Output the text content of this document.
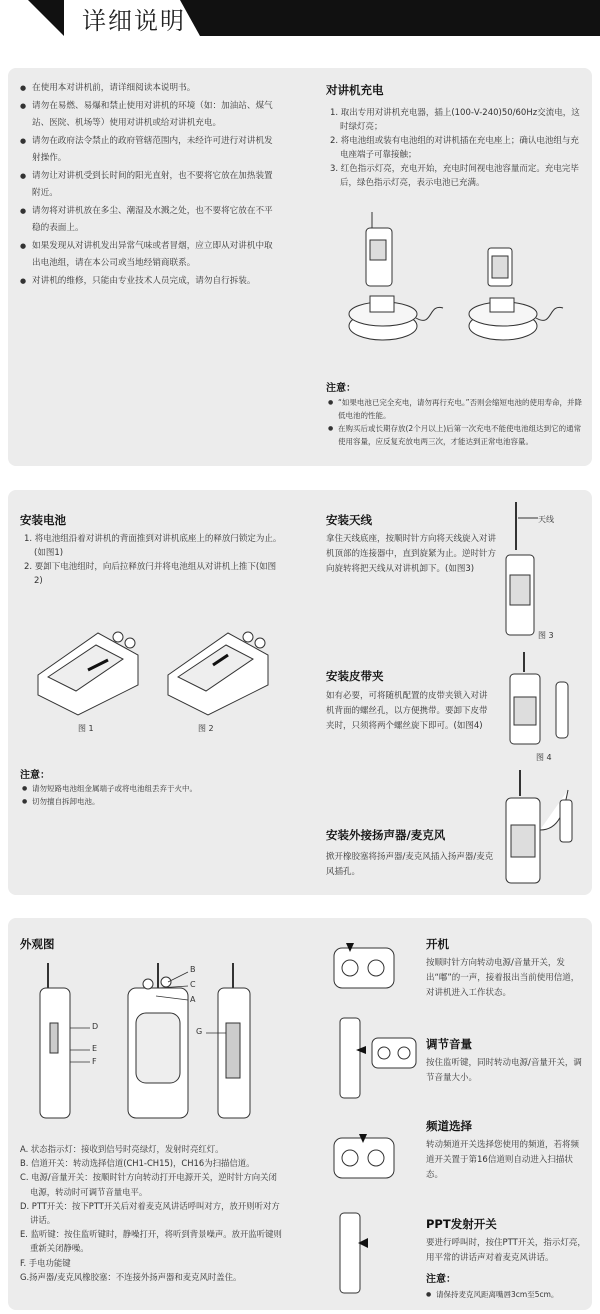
详细说明
● 在使用本对讲机前，请详细阅读本说明书。
● 请勿在易燃、易爆和禁止使用对讲机的环境（如：加油站、煤气站、医院、机场等）使用对讲机或给对讲机充电。
● 请勿在政府法令禁止的政府管辖范围内，未经许可进行对讲机发射操作。
● 请勿让对讲机受到长时间的阳光直射，也不要将它放在加热装置附近。
● 请勿将对讲机放在多尘、潮湿及水溅之处，也不要将它放在不平稳的表面上。
● 如果发现从对讲机发出异常气味或者冒烟，应立即从对讲机中取出电池组，请在本公司或当地经销商联系。
● 对讲机的维修，只能由专业技术人员完成，请勿自行拆装。
对讲机充电
1. 取出专用对讲机充电器，插上(100-V-240)50/60Hz交流电，这时绿灯亮；
2. 将电池组或装有电池组的对讲机插在充电座上；确认电池组与充电座端子可靠接触；
3. 红色指示灯亮，充电开始，充电时间视电池容量而定。充电完毕后，绿色指示灯亮，表示电池已充满。
注意：
● “如果电池已完全充电，请勿再行充电。”否则会缩短电池的使用寿命，并降低电池的性能。
● 在购买后或长期存放(2个月以上)后第一次充电不能使电池组达到它的通常使用容量，应反复充放电两三次，才能达到正常电池容量。
安装电池
1. 将电池组沿着对讲机的背面推到对讲机底座上的释放闩锁定为止。(如图1)
2. 要卸下电池组时，向后拉释放闩并将电池组从对讲机上推下(如图2)
图 1	图 2
注意：
● 请勿短路电池组金属端子或将电池组丢弃于火中。
● 切勿擅自拆卸电池。
安装天线
拿住天线底座，按顺时针方向将天线旋入对讲机顶部的连接器中，直到旋紧为止。逆时针方向旋转将把天线从对讲机卸下。(如图3)
天线
图 3
安装皮带夹
如有必要，可将随机配置的皮带夹锁入对讲机背面的螺丝孔，以方便携带。要卸下皮带夹时，只须将两个螺丝旋下即可。(如图4)
图 4
安装外接扬声器/麦克风
掀开橡胶塞将扬声器/麦克风插入扬声器/麦克风插孔。
外观图
D
E
F
B
C
A
G
A. 状态指示灯：接收到信号时亮绿灯，发射时亮红灯。
B. 信道开关：转动选择信道(CH1-CH15)，CH16为扫描信道。
C. 电源/音量开关：按顺时针方向转动打开电源开关，逆时针方向关闭电源，转动时可调节音量电平。
D. PTT开关：按下PTT开关后对着麦克风讲话呼叫对方，放开则听对方讲话。
E. 监听键：按住监听键时，静噪打开，将听到背景噪声。放开监听键则重新关闭静噪。
F. 手电功能键
G.扬声器/麦克风橡胶塞：不连接外扬声器和麦克风时盖住。
开机
按顺时针方向转动电源/音量开关，发出“嘟”的一声，接着报出当前使用信道，对讲机进入工作状态。
调节音量
按住监听键，同时转动电源/音量开关，调节音量大小。
频道选择
转动频道开关选择您使用的频道，若将频道开关置于第16信道则自动进入扫描状态。
PPT发射开关
要进行呼叫时，按住PTT开关，指示灯亮，用平常的讲话声对着麦克风讲话。
注意：
● 请保持麦克风距离嘴唇3cm至5cm。
